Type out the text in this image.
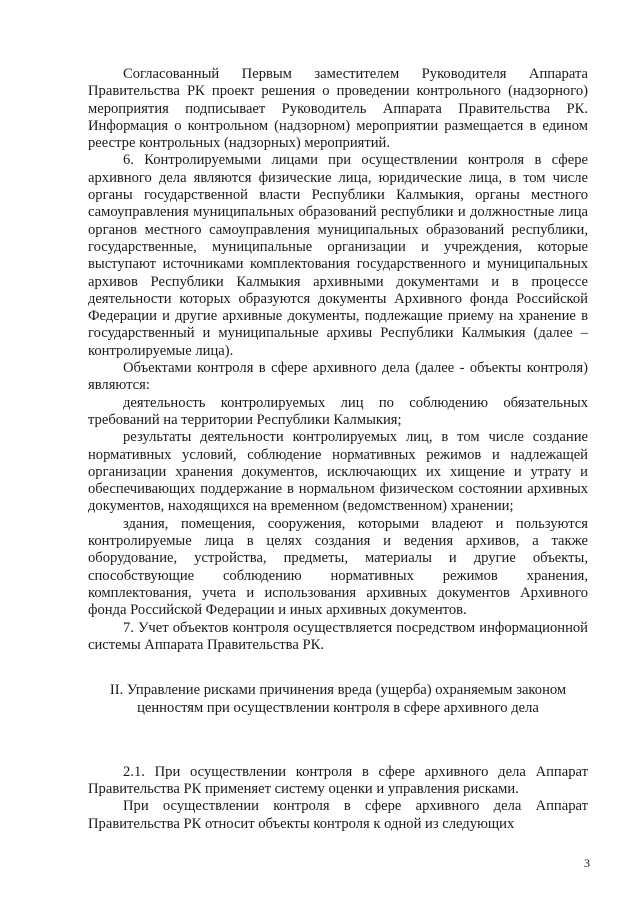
Согласованный Первым заместителем Руководителя Аппарата Правительства РК проект решения о проведении контрольного (надзорного) мероприятия подписывает Руководитель Аппарата Правительства РК. Информация о контрольном (надзорном) мероприятии размещается в едином реестре контрольных (надзорных) мероприятий.

6. Контролируемыми лицами при осуществлении контроля в сфере архивного дела являются физические лица, юридические лица, в том числе органы государственной власти Республики Калмыкия, органы местного самоуправления муниципальных образований республики и должностные лица органов местного самоуправления муниципальных образований республики, государственные, муниципальные организации и учреждения, которые выступают источниками комплектования государственного и муниципальных архивов Республики Калмыкия архивными документами и в процессе деятельности которых образуются документы Архивного фонда Российской Федерации и другие архивные документы, подлежащие приему на хранение в государственный и муниципальные архивы Республики Калмыкия (далее – контролируемые лица).

Объектами контроля в сфере архивного дела (далее - объекты контроля) являются:

деятельность контролируемых лиц по соблюдению обязательных требований на территории Республики Калмыкия;

результаты деятельности контролируемых лиц, в том числе создание нормативных условий, соблюдение нормативных режимов и надлежащей организации хранения документов, исключающих их хищение и утрату и обеспечивающих поддержание в нормальном физическом состоянии архивных документов, находящихся на временном (ведомственном) хранении;

здания, помещения, сооружения, которыми владеют и пользуются контролируемые лица в целях создания и ведения архивов, а также оборудование, устройства, предметы, материалы и другие объекты, способствующие соблюдению нормативных режимов хранения, комплектования, учета и использования архивных документов Архивного фонда Российской Федерации и иных архивных документов.

7. Учет объектов контроля осуществляется посредством информационной системы Аппарата Правительства РК.

II. Управление рисками причинения вреда (ущерба) охраняемым законом
ценностям при осуществлении контроля в сфере архивного дела

2.1. При осуществлении контроля в сфере архивного дела Аппарат Правительства РК применяет систему оценки и управления рисками.

При осуществлении контроля в сфере архивного дела Аппарат Правительства РК относит объекты контроля к одной из следующих

3
